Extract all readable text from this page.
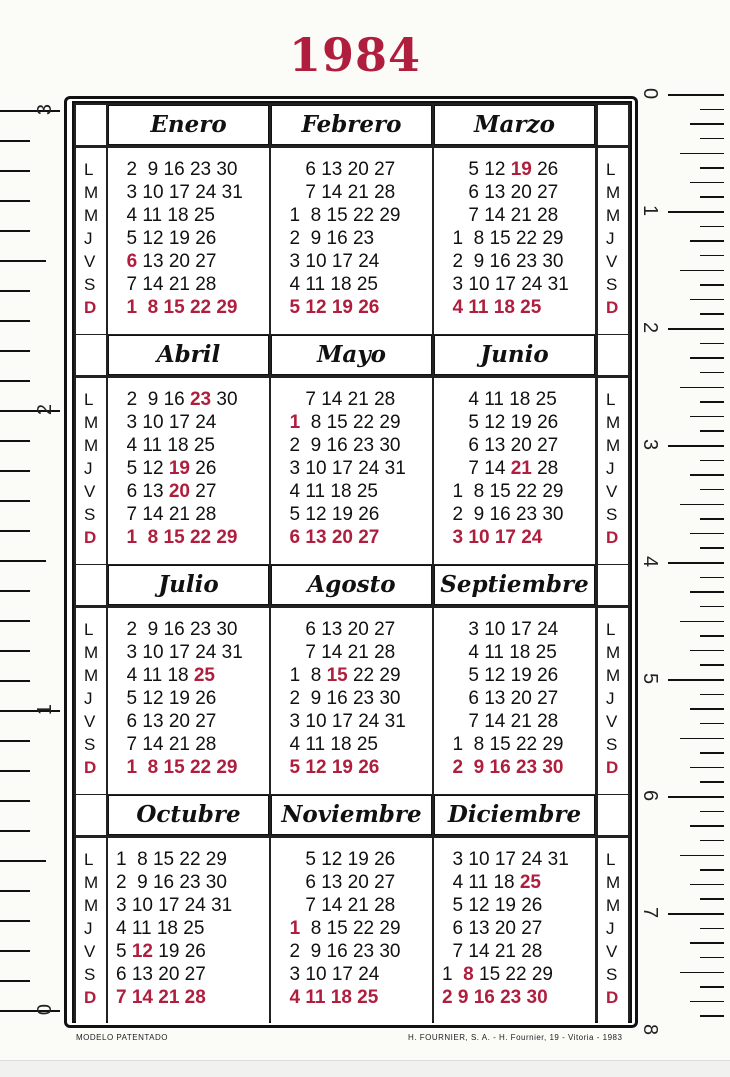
1984
3
2
1
0
0
1
2
3
4
5
6
7
8
L
M
M
J
V
S
D
L
M
M
J
V
S
D
Enero
2  9 16 23 30
3 10 17 24 31
4 11 18 25
5 12 19 26
6 13 20 27
7 14 21 28
1  8 15 22 29
Febrero
6 13 20 27
7 14 21 28
1  8 15 22 29
2  9 16 23
3 10 17 24
4 11 18 25
5 12 19 26
Marzo
5 12 19 26
6 13 20 27
7 14 21 28
1  8 15 22 29
2  9 16 23 30
3 10 17 24 31
4 11 18 25
L
M
M
J
V
S
D
L
M
M
J
V
S
D
Abril
2 9 16 23 30
3 10 17 24
4 11 18 25
5 12 19 26
6 13 20 27
7 14 21 28
1  8 15 22 29
Mayo
7 14 21 28
1 8 15 22 29
2  9 16 23 30
3 10 17 24 31
4 11 18 25
5 12 19 26
6 13 20 27
Junio
4 11 18 25
5 12 19 26
6 13 20 27
7 14 21 28
1  8 15 22 29
2  9 16 23 30
3 10 17 24
L
M
M
J
V
S
D
L
M
M
J
V
S
D
Julio
2  9 16 23 30
3 10 17 24 31
4 11 18 25
5 12 19 26
6 13 20 27
7 14 21 28
1  8 15 22 29
Agosto
6 13 20 27
7 14 21 28
1 8 15 22 29
2  9 16 23 30
3 10 17 24 31
4 11 18 25
5 12 19 26
Septiembre
3 10 17 24
4 11 18 25
5 12 19 26
6 13 20 27
7 14 21 28
1  8 15 22 29
2  9 16 23 30
L
M
M
J
V
S
D
L
M
M
J
V
S
D
Octubre
1  8 15 22 29
2  9 16 23 30
3 10 17 24 31
4 11 18 25
5 12 19 26
6 13 20 27
7 14 21 28
Noviembre
5 12 19 26
6 13 20 27
7 14 21 28
1 8 15 22 29
2  9 16 23 30
3 10 17 24
4 11 18 25
Diciembre
3 10 17 24 31
4 11 18 25
5 12 19 26
6 13 20 27
7 14 21 28
1 8 15 22 29
2 9 16 23 30
MODELO PATENTADO	H. FOURNIER, S. A. - H. Fournier, 19 - Vitoria - 1983
